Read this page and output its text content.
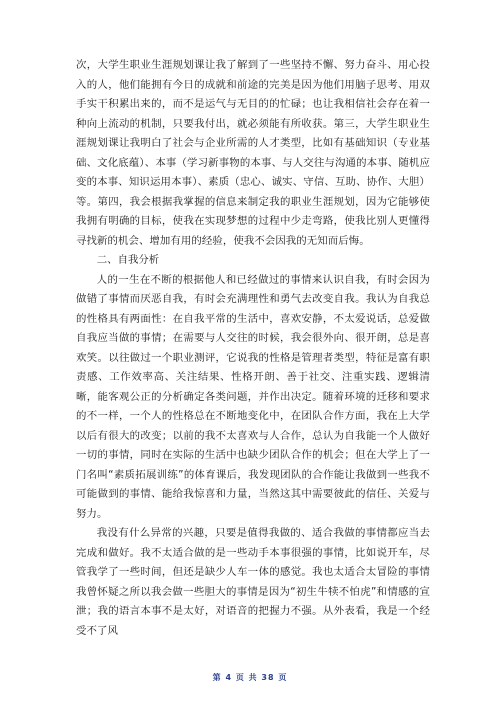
次，大学生职业生涯规划课让我了解到了一些坚持不懈、努力奋斗、用心投入的人，他们能拥有今日的成就和前途的完美是因为他们用脑子思考、用双手实干积累出来的，而不是运气与无目的的忙碌；也让我相信社会存在着一种向上流动的机制，只要我付出，就必须能有所收获。第三，大学生职业生涯规划课让我明白了社会与企业所需的人才类型，比如有基础知识（专业基础、文化底蕴）、本事（学习新事物的本事、与人交往与沟通的本事、随机应变的本事、知识运用本事）、素质（忠心、诚实、守信、互助、协作、大胆）等。第四，我会根据我掌握的信息来制定我的职业生涯规划，因为它能够使我拥有明确的目标，使我在实现梦想的过程中少走弯路，使我比别人更懂得寻找新的机会、增加有用的经验，使我不会因我的无知而后悔。

二、自我分析

人的一生在不断的根据他人和已经做过的事情来认识自我，有时会因为做错了事情而厌恶自我，有时会充满理性和勇气去改变自我。我认为自我总的性格具有两面性：在自我平常的生活中，喜欢安静，不太爱说话，总爱做自我应当做的事情；在需要与人交往的时候，我会很外向、很开朗，总是喜欢笑。以往做过一个职业测评，它说我的性格是管理者类型，特征是富有职责感、工作效率高、关注结果、性格开朗、善于社交、注重实践、逻辑清晰，能客观公正的分析确定各类问题，并作出决定。随着环境的迁移和要求的不一样，一个人的性格总在不断地变化中，在团队合作方面，我在上大学以后有很大的改变；以前的我不太喜欢与人合作，总认为自我能一个人做好一切的事情，同时在实际的生活中也缺少团队合作的机会；但在大学上了一门名叫“素质拓展训练”的体育课后，我发现团队的合作能让我做到一些我不可能做到的事情、能给我惊喜和力量，当然这其中需要彼此的信任、关爱与努力。

我没有什么异常的兴趣，只要是值得我做的、适合我做的事情都应当去完成和做好。我不太适合做的是一些动手本事很强的事情，比如说开车，尽管我学了一些时间，但还是缺少人车一体的感觉。我也太适合太冒险的事情我曾怀疑之所以我会做一些胆大的事情是因为“初生牛犊不怕虎”和情感的宣泄；我的语言本事不是太好，对语音的把握力不强。从外表看，我是一个经受不了风

第 4 页 共 38 页
